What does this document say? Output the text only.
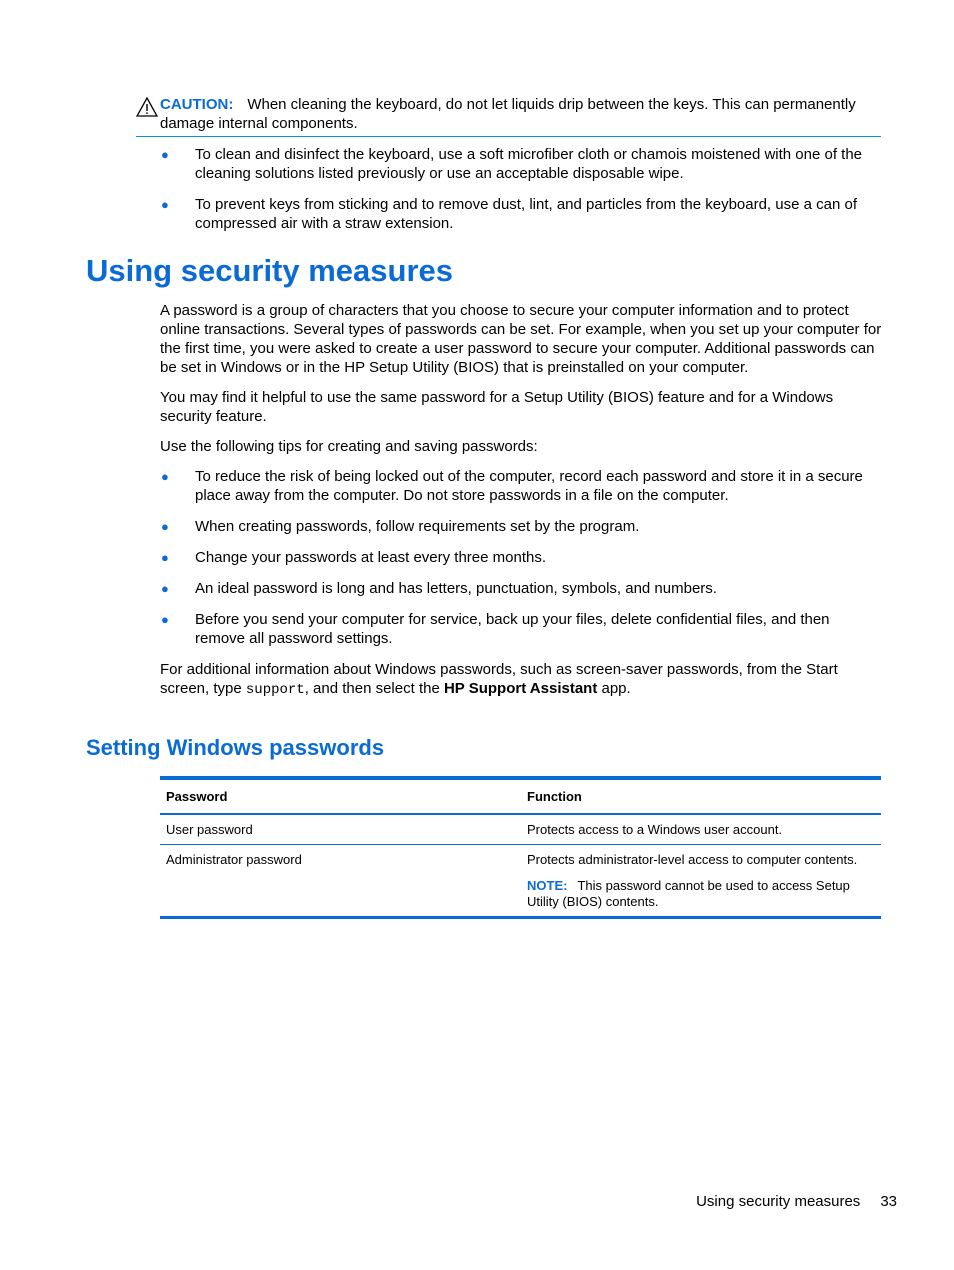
CAUTION: When cleaning the keyboard, do not let liquids drip between the keys. This can permanently damage internal components.
● To clean and disinfect the keyboard, use a soft microfiber cloth or chamois moistened with one of the cleaning solutions listed previously or use an acceptable disposable wipe.
● To prevent keys from sticking and to remove dust, lint, and particles from the keyboard, use a can of compressed air with a straw extension.
Using security measures

A password is a group of characters that you choose to secure your computer information and to protect online transactions. Several types of passwords can be set. For example, when you set up your computer for the first time, you were asked to create a user password to secure your computer. Additional passwords can be set in Windows or in the HP Setup Utility (BIOS) that is preinstalled on your computer.

You may find it helpful to use the same password for a Setup Utility (BIOS) feature and for a Windows security feature.

Use the following tips for creating and saving passwords:

● To reduce the risk of being locked out of the computer, record each password and store it in a secure place away from the computer. Do not store passwords in a file on the computer.
● When creating passwords, follow requirements set by the program.
● Change your passwords at least every three months.
● An ideal password is long and has letters, punctuation, symbols, and numbers.
● Before you send your computer for service, back up your files, delete confidential files, and then remove all password settings.

For additional information about Windows passwords, such as screen-saver passwords, from the Start screen, type support, and then select the HP Support Assistant app.

Setting Windows passwords
Password	Function
User password	Protects access to a Windows user account.
Administrator password	Protects administrator-level access to computer contents.
NOTE: This password cannot be used to access Setup Utility (BIOS) contents.
Using security measures 33
